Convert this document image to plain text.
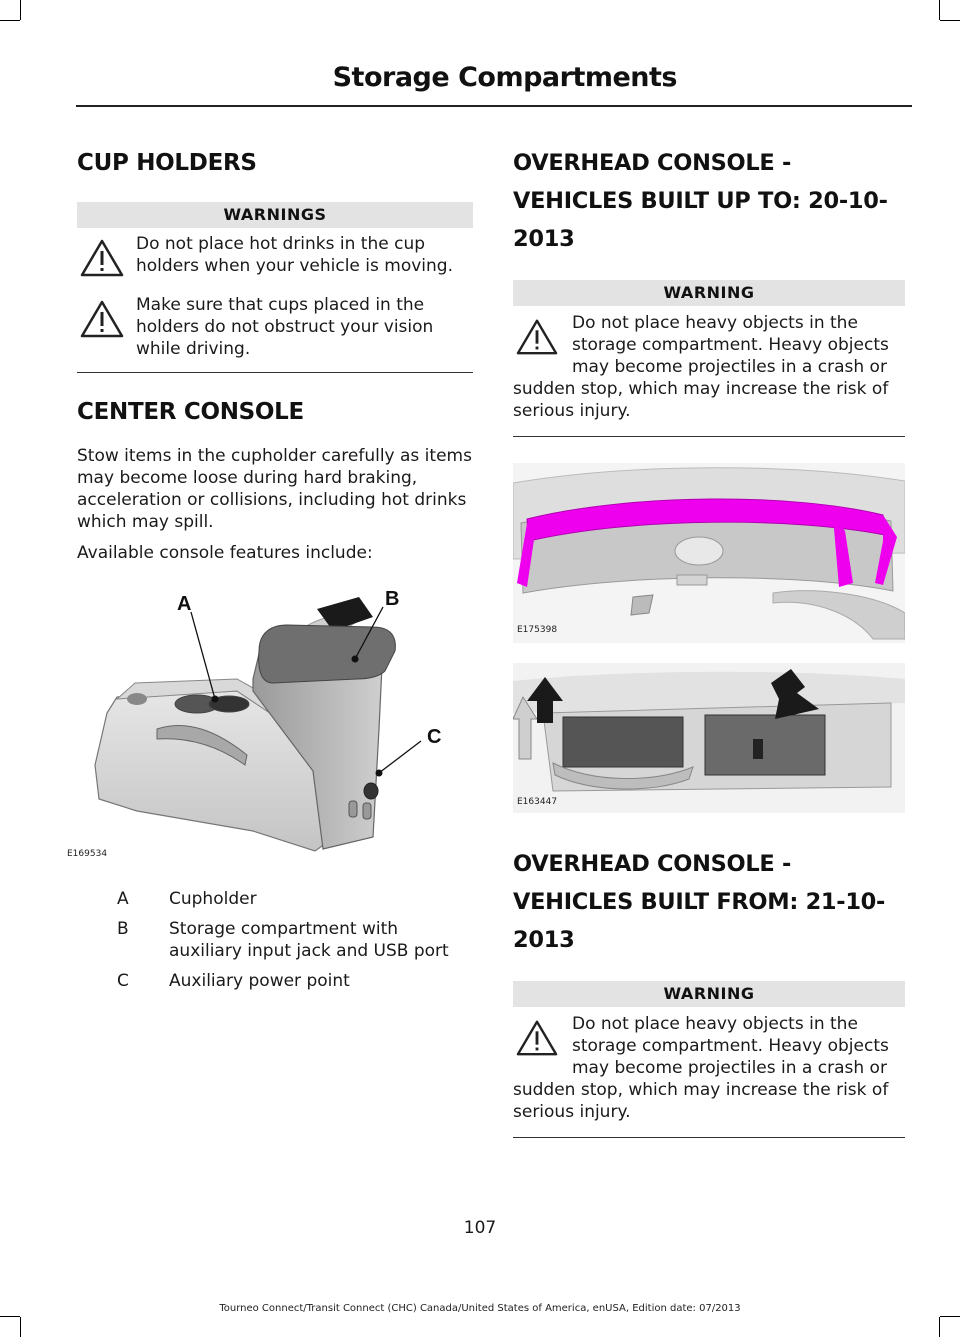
Storage Compartments
CUP HOLDERS
WARNINGS
Do not place hot drinks in the cup holders when your vehicle is moving.
Make sure that cups placed in the holders do not obstruct your vision while driving.
CENTER CONSOLE

Stow items in the cupholder carefully as items may become loose during hard braking, acceleration or collisions, including hot drinks which may spill.

Available console features include:

A	B
C
E169534
A	Cupholder
B	Storage compartment with auxiliary input jack and USB port
C	Auxiliary power point
OVERHEAD CONSOLE - VEHICLES BUILT UP TO: 20-10-2013
WARNING
Do not place heavy objects in the storage compartment. Heavy objects may become projectiles in a crash or sudden stop, which may increase the risk of serious injury.
E175398
E163447
OVERHEAD CONSOLE - VEHICLES BUILT FROM: 21-10-2013
WARNING
Do not place heavy objects in the storage compartment. Heavy objects may become projectiles in a crash or sudden stop, which may increase the risk of serious injury.
107
Tourneo Connect/Transit Connect (CHC) Canada/United States of America, enUSA, Edition date: 07/2013
